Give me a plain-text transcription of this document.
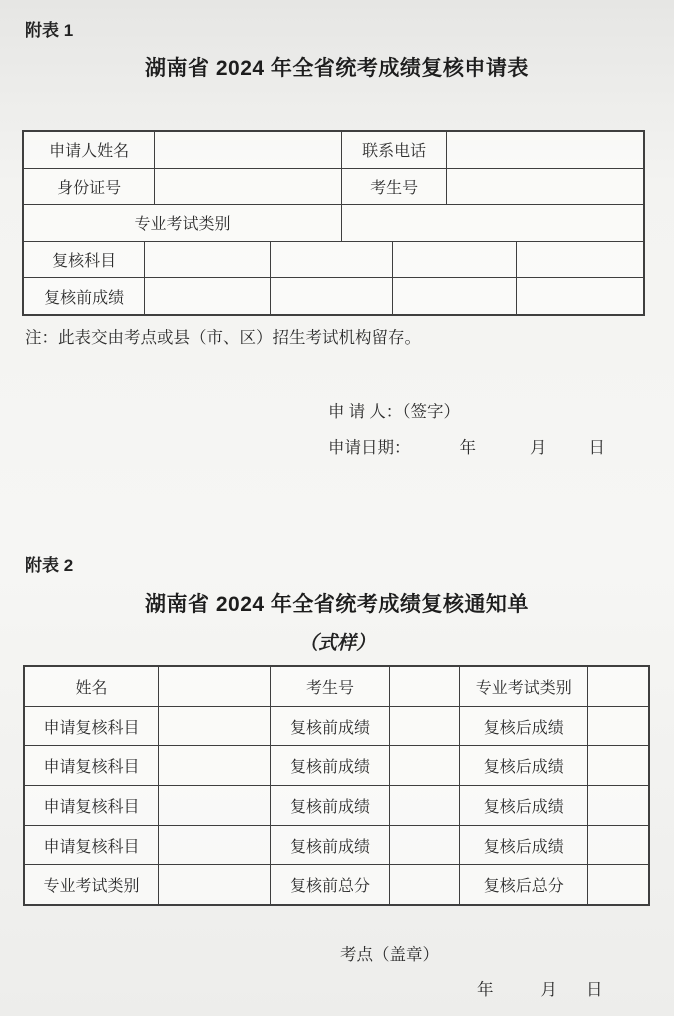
附表 1
湖南省 2024 年全省统考成绩复核申请表
申请人姓名	联系电话
身份证号	考生号
专业考试类别
复核科目
复核前成绩
注：此表交由考点或县（市、区）招生考试机构留存。
申 请 人：（签字）
申请日期：	年	月	日
附表 2
湖南省 2024 年全省统考成绩复核通知单
（式样）
姓名	考生号	专业考试类别
申请复核科目	复核前成绩	复核后成绩
申请复核科目	复核前成绩	复核后成绩
申请复核科目	复核前成绩	复核后成绩
申请复核科目	复核前成绩	复核后成绩
专业考试类别	复核前总分	复核后总分
考点（盖章）
年	月 日
